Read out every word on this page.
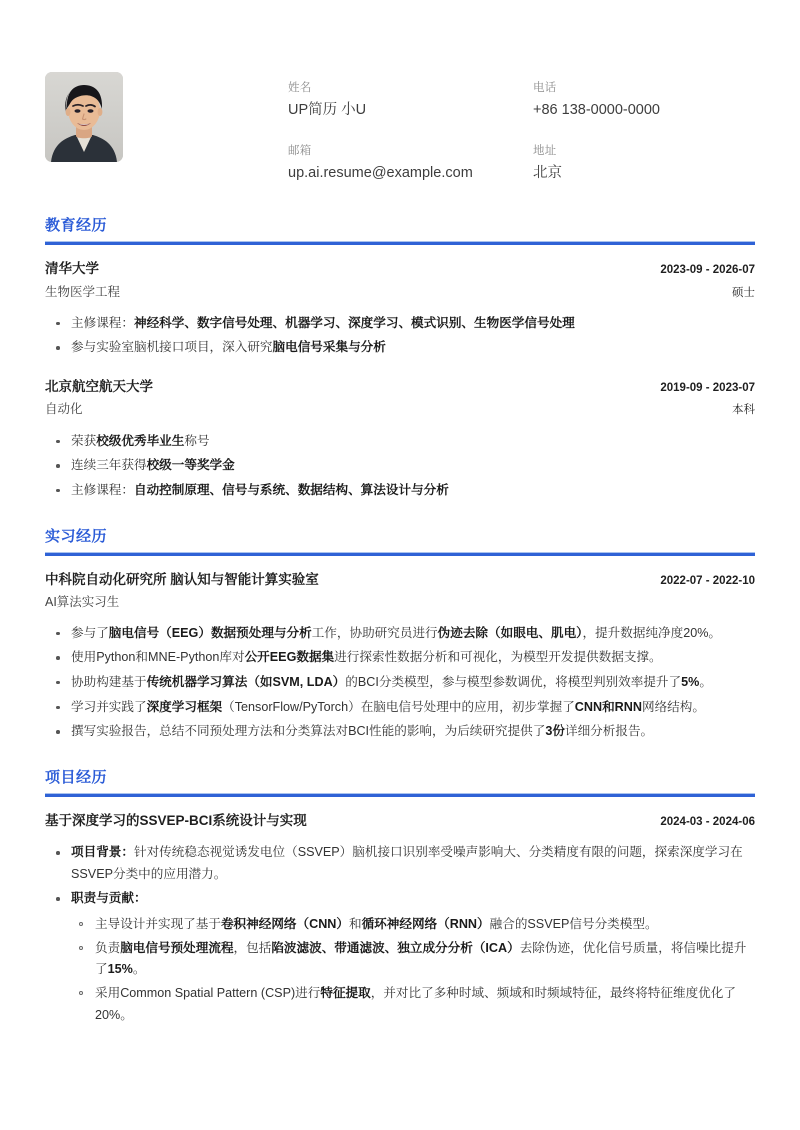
姓名
UP简历 小U
电话
+86 138-0000-0000
邮箱
up.ai.resume@example.com
地址
北京
教育经历
清华大学	2023-09 - 2026-07
生物医学工程	硕士
主修课程：神经科学、数字信号处理、机器学习、深度学习、模式识别、生物医学信号处理
参与实验室脑机接口项目，深入研究脑电信号采集与分析
北京航空航天大学	2019-09 - 2023-07
自动化	本科
荣获校级优秀毕业生称号
连续三年获得校级一等奖学金
主修课程：自动控制原理、信号与系统、数据结构、算法设计与分析
实习经历
中科院自动化研究所 脑认知与智能计算实验室	2022-07 - 2022-10
AI算法实习生
参与了脑电信号（EEG）数据预处理与分析工作，协助研究员进行伪迹去除（如眼电、肌电），提升数据纯净度20%。
使用Python和MNE-Python库对公开EEG数据集进行探索性数据分析和可视化，为模型开发提供数据支撑。
协助构建基于传统机器学习算法（如SVM, LDA）的BCI分类模型，参与模型参数调优，将模型判别效率提升了5%。
学习并实践了深度学习框架（TensorFlow/PyTorch）在脑电信号处理中的应用，初步掌握了CNN和RNN网络结构。
撰写实验报告，总结不同预处理方法和分类算法对BCI性能的影响，为后续研究提供了3份详细分析报告。
项目经历
基于深度学习的SSVEP-BCI系统设计与实现	2024-03 - 2024-06
项目背景：针对传统稳态视觉诱发电位（SSVEP）脑机接口识别率受噪声影响大、分类精度有限的问题，探索深度学习在SSVEP分类中的应用潜力。
职责与贡献：
主导设计并实现了基于卷积神经网络（CNN）和循环神经网络（RNN）融合的SSVEP信号分类模型。
负责脑电信号预处理流程，包括陷波滤波、带通滤波、独立成分分析（ICA）去除伪迹，优化信号质量，将信噪比提升了15%。
采用Common Spatial Pattern (CSP)进行特征提取，并对比了多种时域、频域和时频域特征，最终将特征维度优化了20%。
